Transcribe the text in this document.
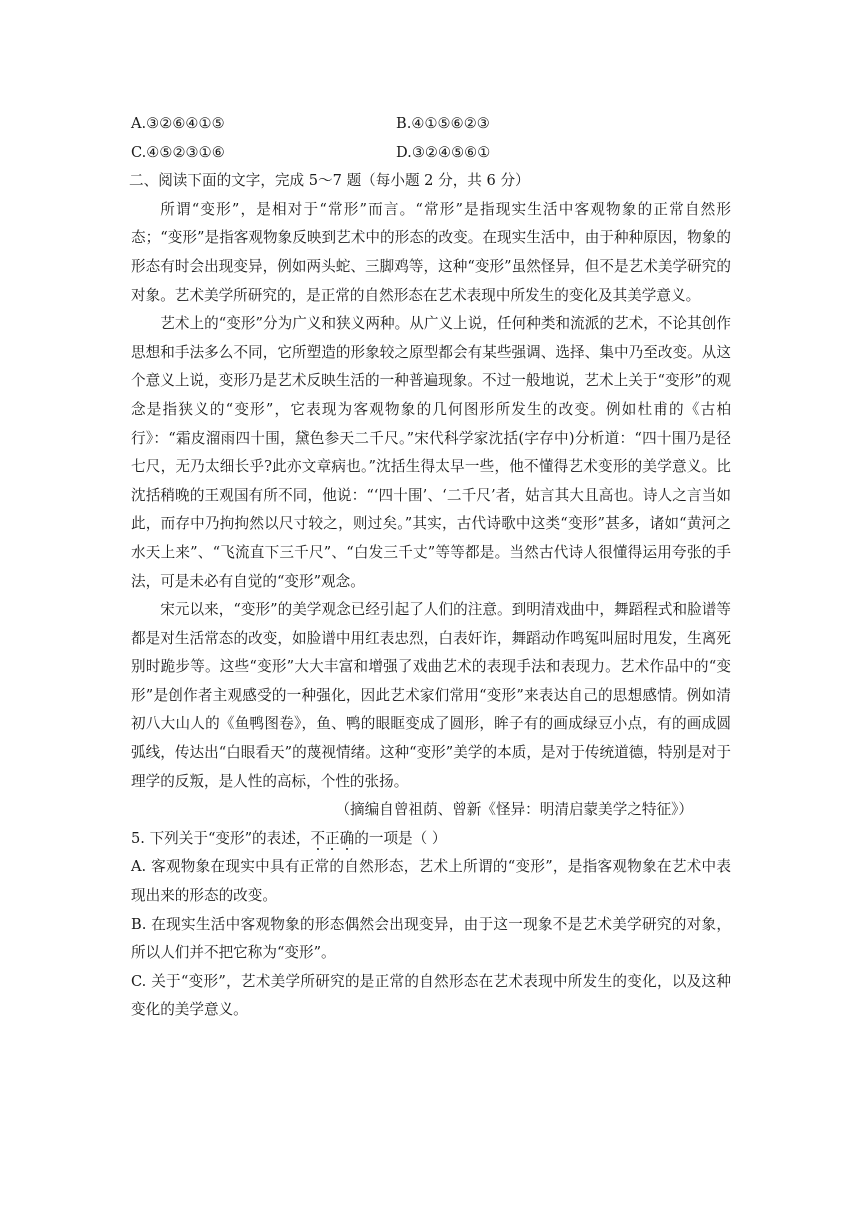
A.③②⑥④①⑤	B.④①⑤⑥②③
C.④⑤②③①⑥	D.③②④⑤⑥①
二、阅读下面的文字，完成 5～7 题（每小题 2 分，共 6 分）

所谓“变形”，是相对于“常形”而言。“常形”是指现实生活中客观物象的正常自然形态；“变形”是指客观物象反映到艺术中的形态的改变。在现实生活中，由于种种原因，物象的形态有时会出现变异，例如两头蛇、三脚鸡等，这种“变形”虽然怪异，但不是艺术美学研究的对象。艺术美学所研究的，是正常的自然形态在艺术表现中所发生的变化及其美学意义。

艺术上的“变形”分为广义和狭义两种。从广义上说，任何种类和流派的艺术，不论其创作思想和手法多么不同，它所塑造的形象较之原型都会有某些强调、选择、集中乃至改变。从这个意义上说，变形乃是艺术反映生活的一种普遍现象。不过一般地说，艺术上关于“变形”的观念是指狭义的“变形”，它表现为客观物象的几何图形所发生的改变。例如杜甫的《古柏行》：“霜皮溜雨四十围，黛色参天二千尺。”宋代科学家沈括(字存中)分析道：“四十围乃是径七尺，无乃太细长乎?此亦文章病也。”沈括生得太早一些，他不懂得艺术变形的美学意义。比沈括稍晚的王观国有所不同，他说：“‘四十围’、‘二千尺’者，姑言其大且高也。诗人之言当如此，而存中乃拘拘然以尺寸较之，则过矣。”其实，古代诗歌中这类“变形”甚多，诸如“黄河之水天上来”、“飞流直下三千尺”、“白发三千丈”等等都是。当然古代诗人很懂得运用夸张的手法，可是未必有自觉的“变形”观念。

宋元以来，“变形”的美学观念已经引起了人们的注意。到明清戏曲中，舞蹈程式和脸谱等都是对生活常态的改变，如脸谱中用红表忠烈，白表奸诈，舞蹈动作鸣冤叫屈时甩发，生离死别时跪步等。这些“变形”大大丰富和增强了戏曲艺术的表现手法和表现力。艺术作品中的“变形”是创作者主观感受的一种强化，因此艺术家们常用“变形”来表达自己的思想感情。例如清初八大山人的《鱼鸭图卷》，鱼、鸭的眼眶变成了圆形，眸子有的画成绿豆小点，有的画成圆弧线，传达出“白眼看天”的蔑视情绪。这种“变形”美学的本质，是对于传统道德，特别是对于理学的反叛，是人性的高标，个性的张扬。

（摘编自曾祖荫、曾新《怪异：明清启蒙美学之特征》）
5. 下列关于“变形”的表述，不正确的一项是（ ）

A. 客观物象在现实中具有正常的自然形态，艺术上所谓的“变形”，是指客观物象在艺术中表现出来的形态的改变。

B. 在现实生活中客观物象的形态偶然会出现变异，由于这一现象不是艺术美学研究的对象，所以人们并不把它称为“变形”。

C. 关于“变形”，艺术美学所研究的是正常的自然形态在艺术表现中所发生的变化，以及这种变化的美学意义。
